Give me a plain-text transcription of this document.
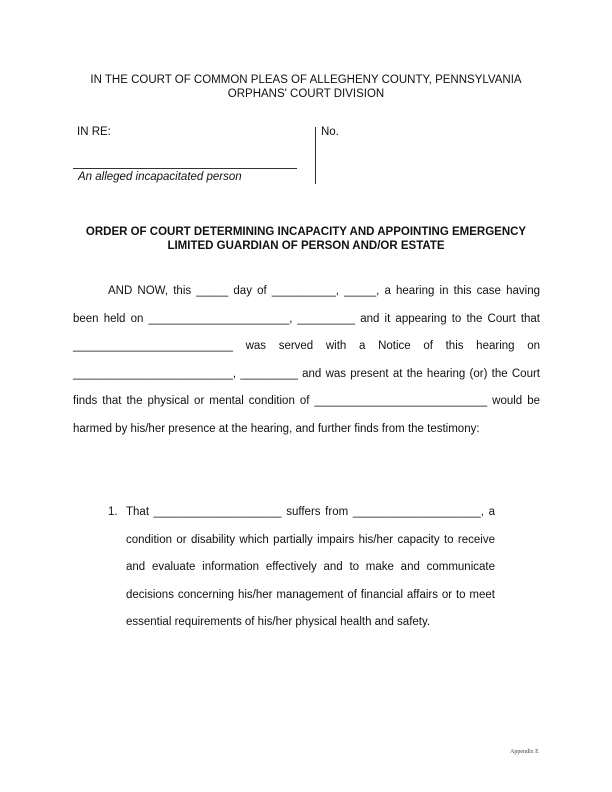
IN THE COURT OF COMMON PLEAS OF ALLEGHENY COUNTY, PENNSYLVANIA
ORPHANS' COURT DIVISION
IN RE:
An alleged incapacitated person
No.
ORDER OF COURT DETERMINING INCAPACITY AND APPOINTING EMERGENCY
LIMITED GUARDIAN OF PERSON AND/OR ESTATE

AND NOW, this _____ day of __________, _____, a hearing in this case having been held on ______________________, _________ and it appearing to the Court that _________________________ was served with a Notice of this hearing on _________________________, _________ and was present at the hearing (or) the Court finds that the physical or mental condition of ___________________________ would be harmed by his/her presence at the hearing, and further finds from the testimony:

1. That ____________________ suffers from ____________________, a condition or disability which partially impairs his/her capacity to receive and evaluate information effectively and to make and communicate decisions concerning his/her management of financial affairs or to meet essential requirements of his/her physical health and safety.
Appendix E
